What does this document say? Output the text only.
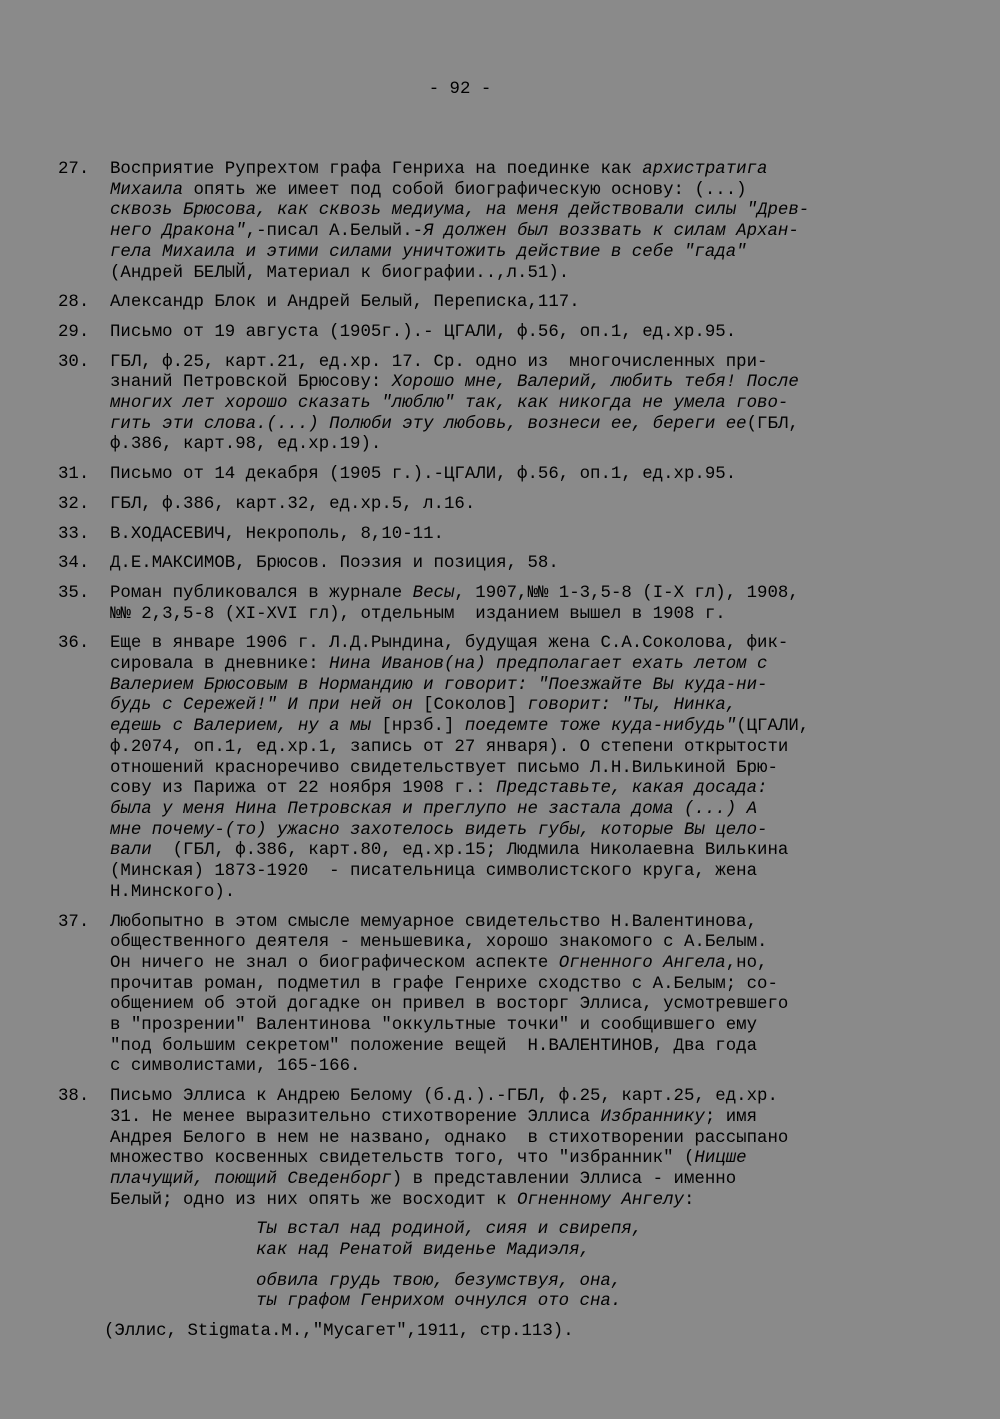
- 92 -
27.	Восприятие Рупрехтом графа Генриха на поединке как архистратига
Михаила опять же имеет под собой биографическую основу: (...)
сквозь Брюсова, как сквозь медиума, на меня действовали силы "Древ-
него Дракона",-писал А.Белый.-Я должен был воззвать к силам Архан-
гела Михаила и этими силами уничтожить действие в себе "гада"
(Андрей БЕЛЫЙ, Материал к биографии..,л.51).
28.	Александр Блок и Андрей Белый, Переписка,117.
29.	Письмо от 19 августа (1905г.).- ЦГАЛИ, ф.56, оп.1, ед.хр.95.
30.	ГБЛ, ф.25, карт.21, ед.хр. 17. Ср. одно из  многочисленных при-
знаний Петровской Брюсову: Хорошо мне, Валерий, любить тебя! После
многих лет хорошо сказать "люблю" так, как никогда не умела гово-
гить эти слова.(...) Полюби эту любовь, вознеси ее, береги ее(ГБЛ,
ф.386, карт.98, ед.хр.19).
31.	Письмо от 14 декабря (1905 г.).-ЦГАЛИ, ф.56, оп.1, ед.хр.95.
32.	ГБЛ, ф.386, карт.32, ед.хр.5, л.16.
33.	В.ХОДАСЕВИЧ, Некрополь, 8,10-11.
34.	Д.Е.МАКСИМОВ, Брюсов. Поэзия и позиция, 58.
35.	Роман публиковался в журнале Весы, 1907,№№ 1-3,5-8 (I-X гл), 1908,
№№ 2,3,5-8 (XI-XVI гл), отдельным  изданием вышел в 1908 г.
36.	Еще в январе 1906 г. Л.Д.Рындина, будущая жена С.А.Соколова, фик-
сировала в дневнике: Нина Иванов(на) предполагает ехать летом с
Валерием Брюсовым в Нормандию и говорит: "Поезжайте Вы куда-ни-
будь с Сережей!" И при ней он [Соколов] говорит: "Ты, Нинка,
едешь с Валерием, ну а мы [нрзб.] поедемте тоже куда-нибудь"(ЦГАЛИ,
ф.2074, оп.1, ед.хр.1, запись от 27 января). О степени открытости
отношений красноречиво свидетельствует письмо Л.Н.Вилькиной Брю-
сову из Парижа от 22 ноября 1908 г.: Представьте, какая досада:
была у меня Нина Петровская и преглупо не застала дома (...) А
мне почему-(то) ужасно захотелось видеть губы, которые Вы цело-
вали  (ГБЛ, ф.386, карт.80, ед.хр.15; Людмила Николаевна Вилькина
(Минская) 1873-1920  - писательница символистского круга, жена
Н.Минского).
37.	Любопытно в этом смысле мемуарное свидетельство Н.Валентинова,
общественного деятеля - меньшевика, хорошо знакомого с А.Белым.
Он ничего не знал о биографическом аспекте Огненного Ангела,но,
прочитав роман, подметил в графе Генрихе сходство с А.Белым; со-
общением об этой догадке он привел в восторг Эллиса, усмотревшего
в "прозрении" Валентинова "оккультные точки" и сообщившего ему
"под большим секретом" положение вещей  Н.ВАЛЕНТИНОВ, Два года
с символистами, 165-166.
38.	Письмо Эллиса к Андрею Белому (б.д.).-ГБЛ, ф.25, карт.25, ед.хр.
31. Не менее выразительно стихотворение Эллиса Избраннику; имя
Андрея Белого в нем не названо, однако  в стихотворении рассыпано
множество косвенных свидетельств того, что "избранник" (Ницше
плачущий, поющий Сведенборг) в представлении Эллиса - именно
Белый; одно из них опять же восходит к Огненному Ангелу:
Ты встал над родиной, сияя и свирепя,
как над Ренатой виденье Мадиэля,
обвила грудь твою, безумствуя, она,
ты графом Генрихом очнулся ото сна.
(Эллис, Stigmata.М.,"Мусагет",1911, стр.113).
